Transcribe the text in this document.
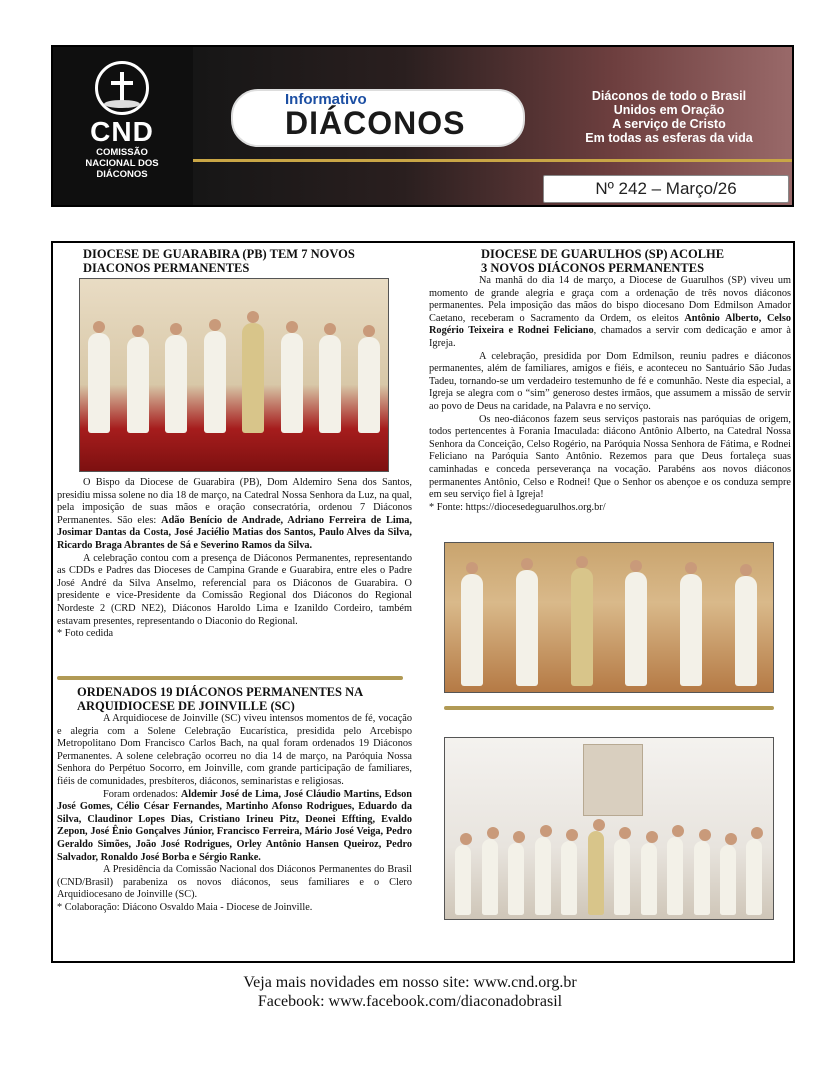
CND
COMISSÃO
NACIONAL DOS
DIÁCONOS
Informativo
DIÁCONOS
Diáconos de todo o Brasil
Unidos em Oração
A serviço de Cristo
Em todas as esferas da vida
Nº 242 – Março/26
DIOCESE DE GUARABIRA (PB) TEM 7 NOVOS
DIACONOS PERMANENTES

O Bispo da Diocese de Guarabira (PB), Dom Aldemiro Sena dos Santos, presidiu missa solene no dia 18 de março, na Catedral Nossa Senhora da Luz, na qual, pela imposição de suas mãos e oração consecratória, ordenou 7 Diáconos Permanentes. São eles: Adão Benício de Andrade, Adriano Ferreira de Lima, Josimar Dantas da Costa, José Jaciélio Matias dos Santos, Paulo Alves da Silva, Ricardo Braga Abrantes de Sá e Severino Ramos da Silva.

A celebração contou com a presença de Diáconos Permanentes, representando as CDDs e Padres das Dioceses de Campina Grande e Guarabira, entre eles o Padre José André da Silva Anselmo, referencial para os Diáconos de Guarabira. O presidente e vice-Presidente da Comissão Regional dos Diáconos do Regional Nordeste 2 (CRD NE2), Diáconos Haroldo Lima e Izanildo Cordeiro, também estavam presentes, representando o Diaconio do Regional.

* Foto cedida

ORDENADOS 19 DIÁCONOS PERMANENTES NA
ARQUIDIOCESE DE JOINVILLE (SC)

A Arquidiocese de Joinville (SC) viveu intensos momentos de fé, vocação e alegria com a Solene Celebração Eucarística, presidida pelo Arcebispo Metropolitano Dom Francisco Carlos Bach, na qual foram ordenados 19 Diáconos Permanentes. A solene celebração ocorreu no dia 14 de março, na Paróquia Nossa Senhora do Perpétuo Socorro, em Joinville, com grande participação de familiares, fiéis de comunidades, presbíteros, diáconos, seminaristas e religiosas.

Foram ordenados: Aldemir José de Lima, José Cláudio Martins, Edson José Gomes, Célio César Fernandes, Martinho Afonso Rodrigues, Eduardo da Silva, Claudinor Lopes Dias, Cristiano Irineu Pitz, Deonei Effting, Evaldo Zepon, José Ênio Gonçalves Júnior, Francisco Ferreira, Mário José Veiga, Pedro Geraldo Simões, João José Rodrigues, Orley Antônio Hansen Queiroz, Pedro Salvador, Ronaldo José Borba e Sérgio Ranke.

A Presidência da Comissão Nacional dos Diáconos Permanentes do Brasil (CND/Brasil) parabeniza os novos diáconos, seus familiares e o Clero Arquidiocesano de Joinville (SC).

* Colaboração: Diácono Osvaldo Maia - Diocese de Joinville.

DIOCESE DE GUARULHOS (SP) ACOLHE
3 NOVOS DIÁCONOS PERMANENTES

Na manhã do dia 14 de março, a Diocese de Guarulhos (SP) viveu um momento de grande alegria e graça com a ordenação de três novos diáconos permanentes. Pela imposição das mãos do bispo diocesano Dom Edmilson Amador Caetano, receberam o Sacramento da Ordem, os eleitos Antônio Alberto, Celso Rogério Teixeira e Rodnei Feliciano, chamados a servir com dedicação e amor à Igreja.

A celebração, presidida por Dom Edmilson, reuniu padres e diáconos permanentes, além de familiares, amigos e fiéis, e aconteceu no Santuário São Judas Tadeu, tornando-se um verdadeiro testemunho de fé e comunhão. Neste dia especial, a Igreja se alegra com o “sim” generoso destes irmãos, que assumem a missão de servir ao povo de Deus na caridade, na Palavra e no serviço.

Os neo-diáconos fazem seus serviços pastorais nas paróquias de origem, todos pertencentes à Forania Imaculada: diácono Antônio Alberto, na Catedral Nossa Senhora da Conceição, Celso Rogério, na Paróquia Nossa Senhora de Fátima, e Rodnei Feliciano na Paróquia Santo Antônio. Rezemos para que Deus fortaleça suas caminhadas e conceda perseverança na vocação. Parabéns aos novos diáconos permanentes Antônio, Celso e Rodnei! Que o Senhor os abençoe e os conduza sempre em seu serviço fiel à Igreja!

* Fonte: https://diocesedeguarulhos.org.br/

Veja mais novidades em nosso site: www.cnd.org.br
Facebook: www.facebook.com/diaconadobrasil
